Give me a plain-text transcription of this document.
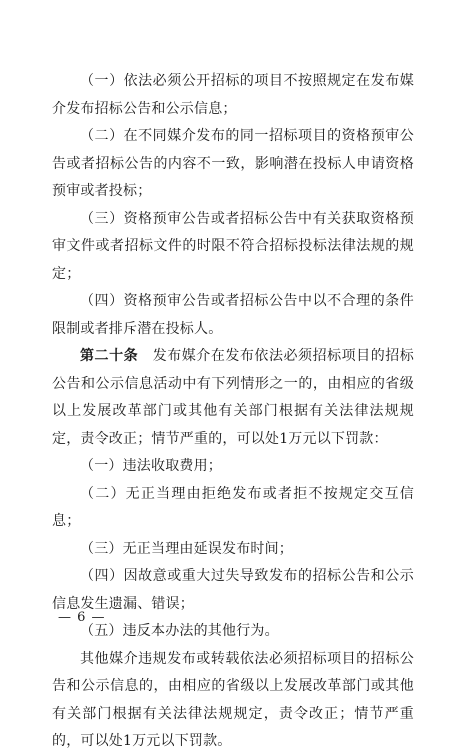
（一）依法必须公开招标的项目不按照规定在发布媒介发布招标公告和公示信息；

（二）在不同媒介发布的同一招标项目的资格预审公告或者招标公告的内容不一致，影响潜在投标人申请资格预审或者投标；

（三）资格预审公告或者招标公告中有关获取资格预审文件或者招标文件的时限不符合招标投标法律法规的规定；

（四）资格预审公告或者招标公告中以不合理的条件限制或者排斥潜在投标人。

第二十条　 发布媒介在发布依法必须招标项目的招标公告和公示信息活动中有下列情形之一的，由相应的省级以上发展改革部门或其他有关部门根据有关法律法规规定，责令改正；情节严重的，可以处1万元以下罚款：

（一）违法收取费用；

（二）无正当理由拒绝发布或者拒不按规定交互信息；

（三）无正当理由延误发布时间；

（四）因故意或重大过失导致发布的招标公告和公示信息发生遗漏、错误；

（五）违反本办法的其他行为。

其他媒介违规发布或转载依法必须招标项目的招标公告和公示信息的，由相应的省级以上发展改革部门或其他有关部门根据有关法律法规规定，责令改正；情节严重的，可以处1万元以下罚款。

— 6 —
